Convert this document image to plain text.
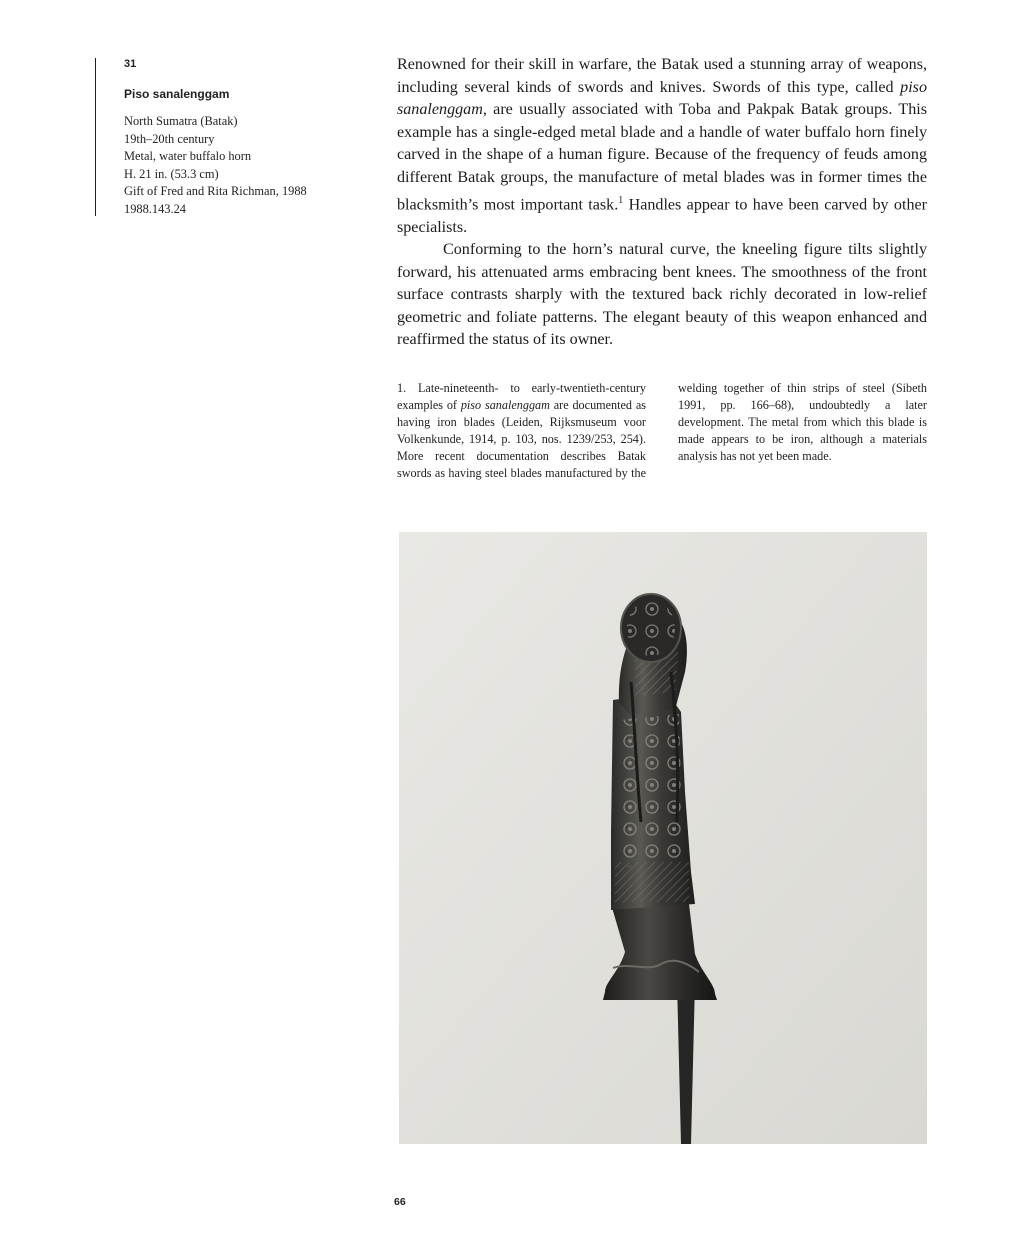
31
Piso sanalenggam
North Sumatra (Batak)
19th–20th century
Metal, water buffalo horn
H. 21 in. (53.3 cm)
Gift of Fred and Rita Richman, 1988
1988.143.24

Renowned for their skill in warfare, the Batak used a stunning array of weapons, including several kinds of swords and knives. Swords of this type, called piso sanalenggam, are usually associated with Toba and Pakpak Batak groups. This example has a single-edged metal blade and a handle of water buffalo horn finely carved in the shape of a human figure. Because of the frequency of feuds among different Batak groups, the manufacture of metal blades was in former times the blacksmith’s most important task.$^1$ Handles appear to have been carved by other specialists.

Conforming to the horn’s natural curve, the kneeling figure tilts slightly forward, his attenuated arms embracing bent knees. The smoothness of the front surface contrasts sharply with the textured back richly decorated in low-relief geometric and foliate patterns. The elegant beauty of this weapon enhanced and reaffirmed the status of its owner.

1. Late-nineteenth- to early-twentieth-century examples of piso sanalenggam are documented as having iron blades (Leiden, Rijksmuseum voor Volkenkunde, 1914, p. 103, nos. 1239/253, 254). More recent documentation describes Batak swords as having steel blades manufactured by the welding together of thin strips of steel (Sibeth 1991, pp. 166–68), undoubtedly a later development. The metal from which this blade is made appears to be iron, although a materials analysis has not yet been made.

66
